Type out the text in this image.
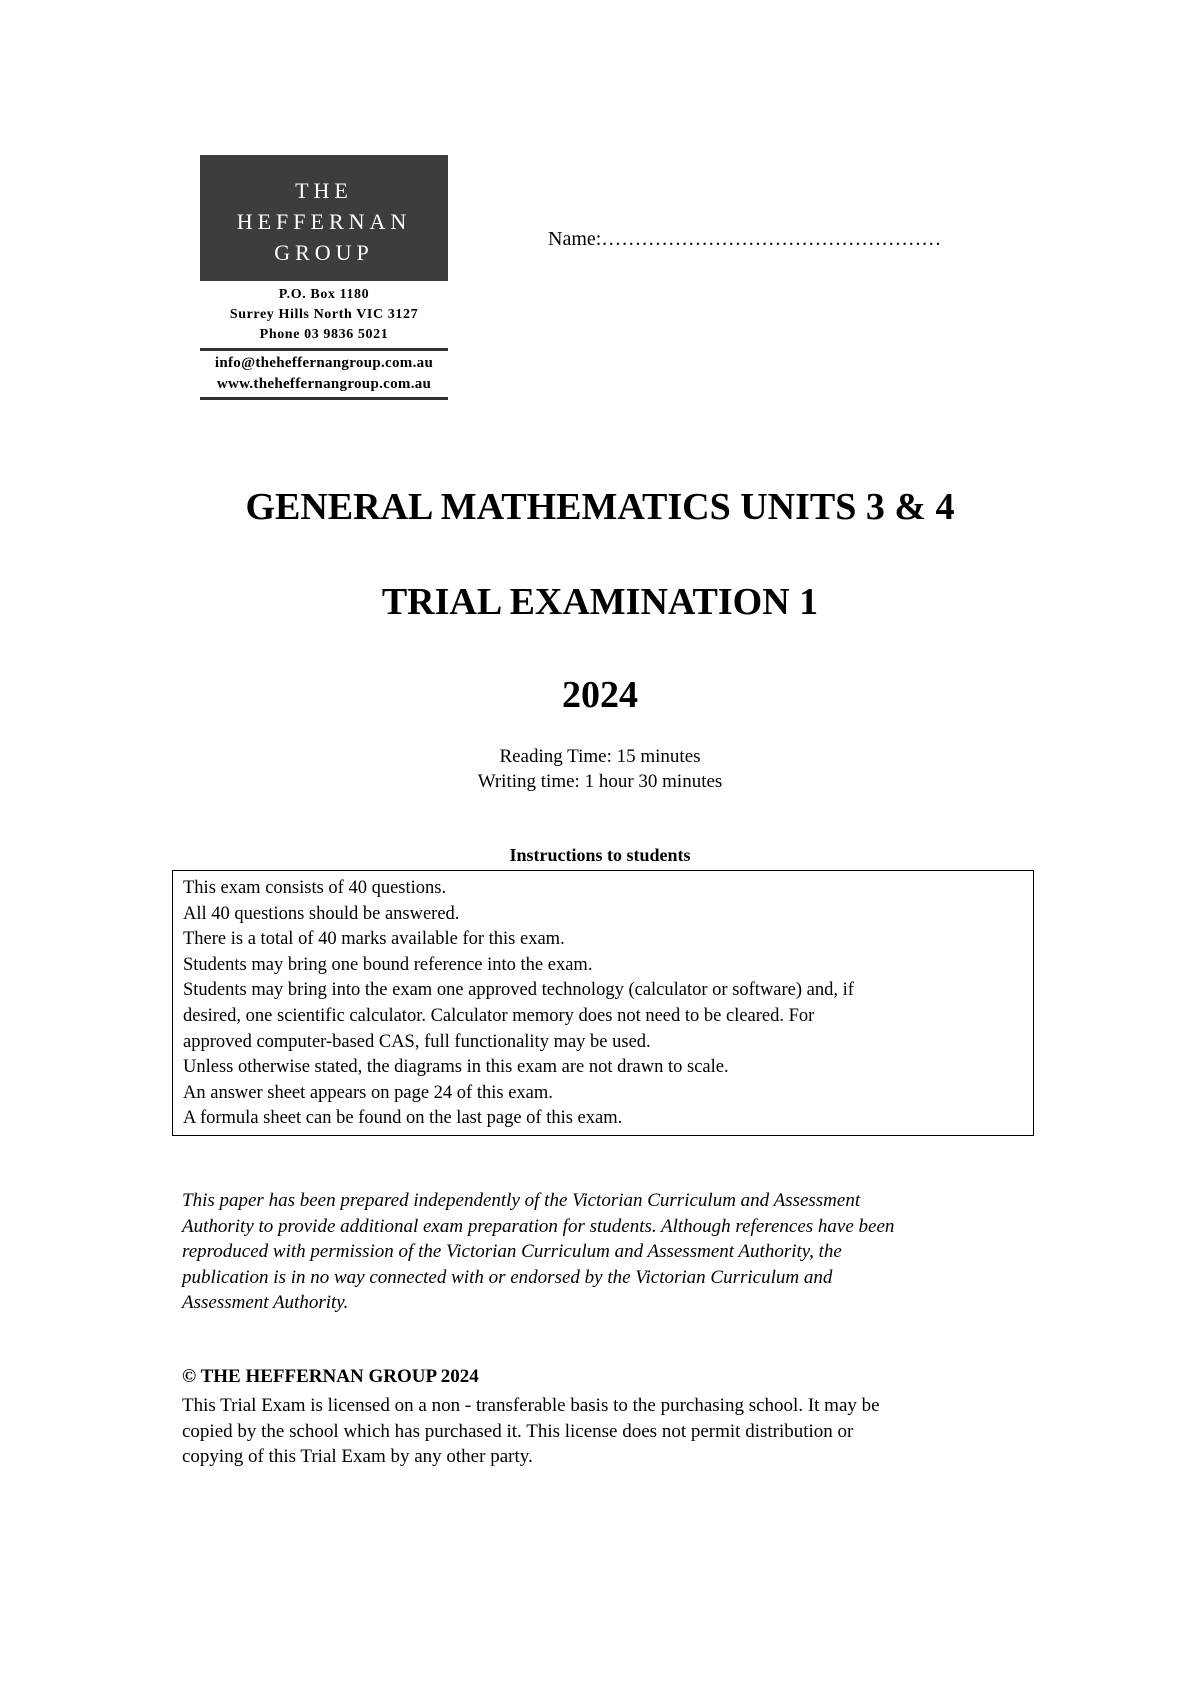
THE
HEFFERNAN
GROUP
P.O. Box 1180
Surrey Hills North VIC 3127
Phone 03 9836 5021
info@theheffernangroup.com.au
www.theheffernangroup.com.au
Name:……………………………………………
GENERAL MATHEMATICS UNITS 3 & 4
TRIAL EXAMINATION 1
2024
Reading Time: 15 minutes
Writing time: 1 hour 30 minutes
Instructions to students
This exam consists of 40 questions.
All 40 questions should be answered.
There is a total of 40 marks available for this exam.
Students may bring one bound reference into the exam.
Students may bring into the exam one approved technology (calculator or software) and, if
desired, one scientific calculator. Calculator memory does not need to be cleared. For
approved computer-based CAS, full functionality may be used.
Unless otherwise stated, the diagrams in this exam are not drawn to scale.
An answer sheet appears on page 24 of this exam.
A formula sheet can be found on the last page of this exam.
This paper has been prepared independently of the Victorian Curriculum and Assessment
Authority to provide additional exam preparation for students. Although references have been
reproduced with permission of the Victorian Curriculum and Assessment Authority, the
publication is in no way connected with or endorsed by the Victorian Curriculum and
Assessment Authority.
© THE HEFFERNAN GROUP 2024
This Trial Exam is licensed on a non - transferable basis to the purchasing school. It may be
copied by the school which has purchased it. This license does not permit distribution or
copying of this Trial Exam by any other party.
